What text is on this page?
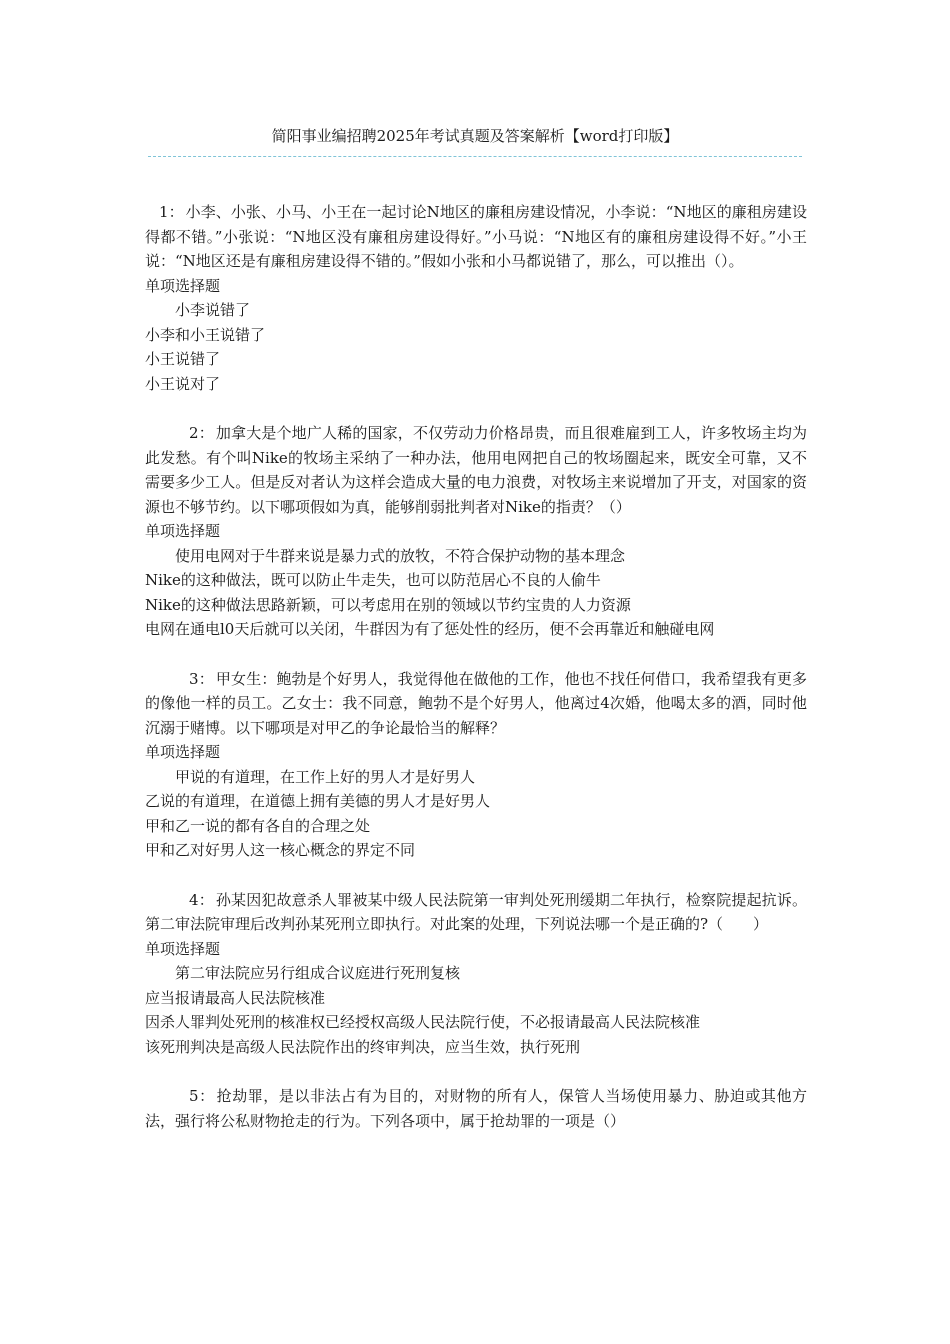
简阳事业编招聘2025年考试真题及答案解析【word打印版】

1： 小李、小张、小马、小王在一起讨论N地区的廉租房建设情况，小李说：“N地区的廉租房建设得都不错。”小张说：“N地区没有廉租房建设得好。”小马说：“N地区有的廉租房建设得不好。”小王说：“N地区还是有廉租房建设得不错的。”假如小张和小马都说错了，那么，可以推出（）。

单项选择题

小李说错了
小李和小王说错了
小王说错了
小王说对了

2： 加拿大是个地广人稀的国家，不仅劳动力价格昂贵，而且很难雇到工人，许多牧场主均为此发愁。有个叫Nike的牧场主采纳了一种办法，他用电网把自己的牧场圈起来，既安全可靠，又不需要多少工人。但是反对者认为这样会造成大量的电力浪费，对牧场主来说增加了开支，对国家的资源也不够节约。以下哪项假如为真，能够削弱批判者对Nike的指责？（）

单项选择题

使用电网对于牛群来说是暴力式的放牧，不符合保护动物的基本理念
Nike的这种做法，既可以防止牛走失，也可以防范居心不良的人偷牛
Nike的这种做法思路新颖，可以考虑用在别的领域以节约宝贵的人力资源
电网在通电l0天后就可以关闭，牛群因为有了惩处性的经历，便不会再靠近和触碰电网

3： 甲女生：鲍勃是个好男人，我觉得他在做他的工作，他也不找任何借口，我希望我有更多的像他一样的员工。乙女士：我不同意，鲍勃不是个好男人，他离过4次婚，他喝太多的酒，同时他沉溺于赌博。以下哪项是对甲乙的争论最恰当的解释？

单项选择题

甲说的有道理，在工作上好的男人才是好男人
乙说的有道理，在道德上拥有美德的男人才是好男人
甲和乙一说的都有各自的合理之处
甲和乙对好男人这一核心概念的界定不同

4： 孙某因犯故意杀人罪被某中级人民法院第一审判处死刑缓期二年执行，检察院提起抗诉。第二审法院审理后改判孙某死刑立即执行。对此案的处理，下列说法哪一个是正确的?（　　）

单项选择题

第二审法院应另行组成合议庭进行死刑复核
应当报请最高人民法院核准
因杀人罪判处死刑的核准权已经授权高级人民法院行使，不必报请最高人民法院核准
该死刑判决是高级人民法院作出的终审判决，应当生效，执行死刑

5： 抢劫罪，是以非法占有为目的，对财物的所有人，保管人当场使用暴力、胁迫或其他方法，强行将公私财物抢走的行为。下列各项中，属于抢劫罪的一项是（）
